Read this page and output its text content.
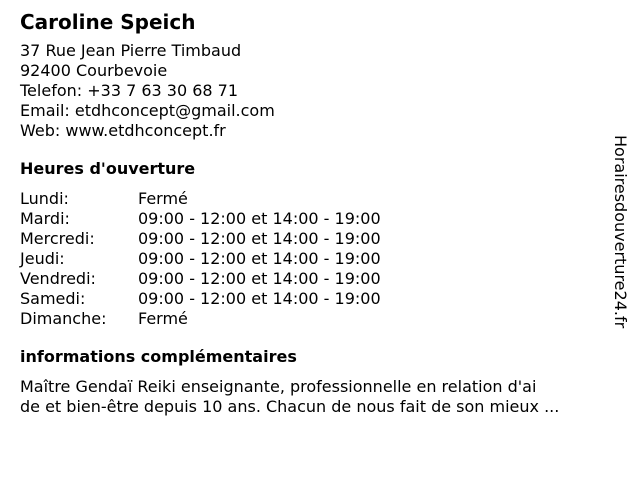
Caroline Speich
37 Rue Jean Pierre Timbaud
92400 Courbevoie
Telefon: +33 7 63 30 68 71
Email: etdhconcept@gmail.com
Web: www.etdhconcept.fr
Heures d'ouverture
Lundi:	Fermé
Mardi:	09:00 - 12:00 et 14:00 - 19:00
Mercredi:	09:00 - 12:00 et 14:00 - 19:00
Jeudi:	09:00 - 12:00 et 14:00 - 19:00
Vendredi:	09:00 - 12:00 et 14:00 - 19:00
Samedi:	09:00 - 12:00 et 14:00 - 19:00
Dimanche:	Fermé
informations complémentaires
Maître Gendaï Reiki enseignante, professionnelle en relation d'ai
de et bien-être depuis 10 ans. Chacun de nous fait de son mieux ...
Horairesdouverture24.fr
